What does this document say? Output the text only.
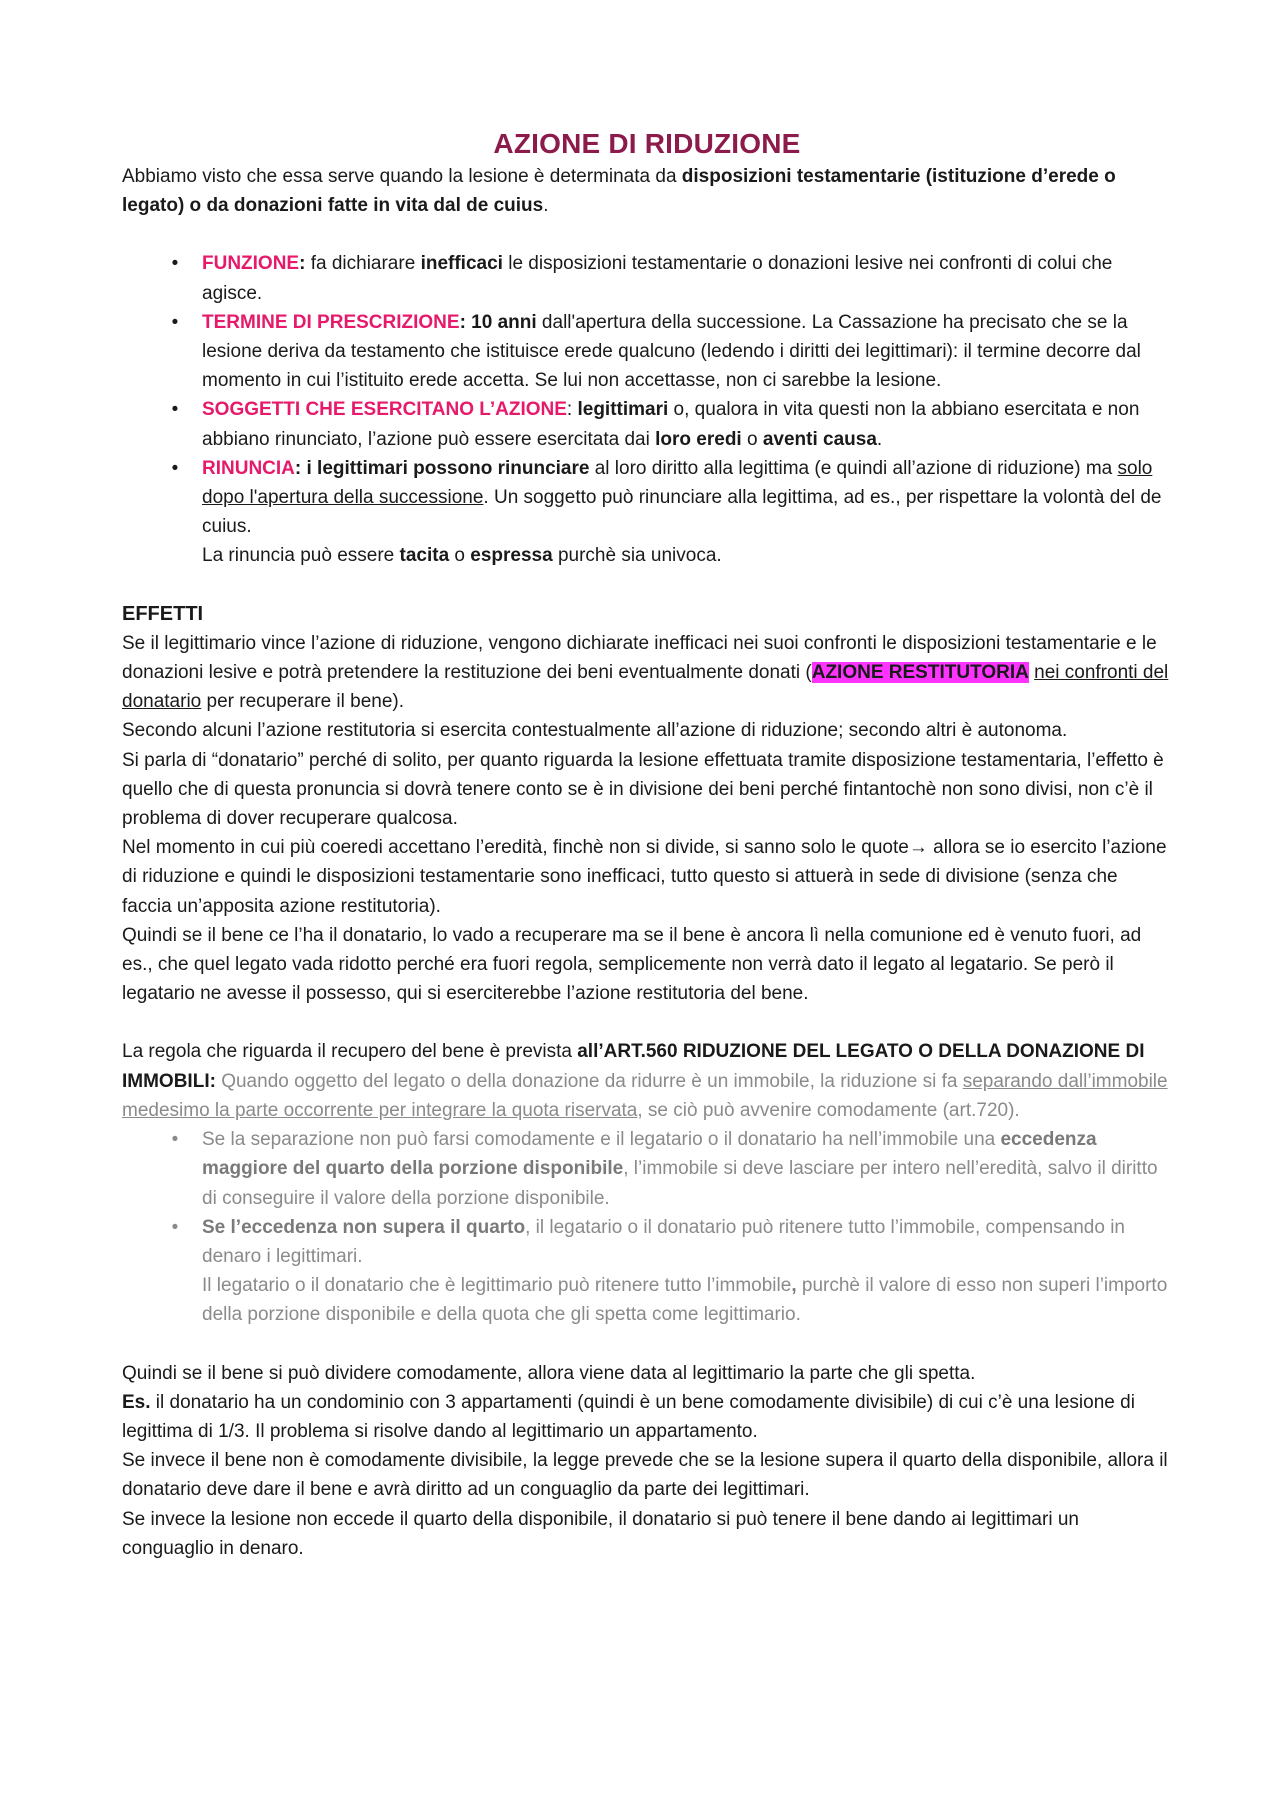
AZIONE DI RIDUZIONE

Abbiamo visto che essa serve quando la lesione è determinata da disposizioni testamentarie (istituzione d’erede o legato) o da donazioni fatte in vita dal de cuius.

•	FUNZIONE: fa dichiarare inefficaci le disposizioni testamentarie o donazioni lesive nei confronti di colui che agisce.
•	TERMINE DI PRESCRIZIONE: 10 anni dall'apertura della successione. La Cassazione ha precisato che se la lesione deriva da testamento che istituisce erede qualcuno (ledendo i diritti dei legittimari): il termine decorre dal momento in cui l’istituito erede accetta. Se lui non accettasse, non ci sarebbe la lesione.
•	SOGGETTI CHE ESERCITANO L’AZIONE: legittimari o, qualora in vita questi non la abbiano esercitata e non abbiano rinunciato, l’azione può essere esercitata dai loro eredi o aventi causa.
•	RINUNCIA: i legittimari possono rinunciare al loro diritto alla legittima (e quindi all’azione di riduzione) ma solo dopo l'apertura della successione. Un soggetto può rinunciare alla legittima, ad es., per rispettare la volontà del de cuius.
La rinuncia può essere tacita o espressa purchè sia univoca.
EFFETTI

Se il legittimario vince l’azione di riduzione, vengono dichiarate inefficaci nei suoi confronti le disposizioni testamentarie e le donazioni lesive e potrà pretendere la restituzione dei beni eventualmente donati (AZIONE RESTITUTORIA nei confronti del donatario per recuperare il bene).

Secondo alcuni l’azione restitutoria si esercita contestualmente all’azione di riduzione; secondo altri è autonoma.

Si parla di “donatario” perché di solito, per quanto riguarda la lesione effettuata tramite disposizione testamentaria, l’effetto è quello che di questa pronuncia si dovrà tenere conto se è in divisione dei beni perché fintantochè non sono divisi, non c’è il problema di dover recuperare qualcosa.

Nel momento in cui più coeredi accettano l’eredità, finchè non si divide, si sanno solo le quote→ allora se io esercito l’azione di riduzione e quindi le disposizioni testamentarie sono inefficaci, tutto questo si attuerà in sede di divisione (senza che faccia un’apposita azione restitutoria).

Quindi se il bene ce l’ha il donatario, lo vado a recuperare ma se il bene è ancora lì nella comunione ed è venuto fuori, ad es., che quel legato vada ridotto perché era fuori regola, semplicemente non verrà dato il legato al legatario. Se però il legatario ne avesse il possesso, qui si eserciterebbe l’azione restitutoria del bene.

La regola che riguarda il recupero del bene è prevista all’ART.560 RIDUZIONE DEL LEGATO O DELLA DONAZIONE DI IMMOBILI: Quando oggetto del legato o della donazione da ridurre è un immobile, la riduzione si fa separando dall’immobile medesimo la parte occorrente per integrare la quota riservata, se ciò può avvenire comodamente (art.720).

•	Se la separazione non può farsi comodamente e il legatario o il donatario ha nell’immobile una eccedenza maggiore del quarto della porzione disponibile, l’immobile si deve lasciare per intero nell’eredità, salvo il diritto di conseguire il valore della porzione disponibile.
•	Se l’eccedenza non supera il quarto, il legatario o il donatario può ritenere tutto l’immobile, compensando in denaro i legittimari.
Il legatario o il donatario che è legittimario può ritenere tutto l’immobile, purchè il valore di esso non superi l’importo della porzione disponibile e della quota che gli spetta come legittimario.

Quindi se il bene si può dividere comodamente, allora viene data al legittimario la parte che gli spetta.

Es. il donatario ha un condominio con 3 appartamenti (quindi è un bene comodamente divisibile) di cui c’è una lesione di legittima di 1/3. Il problema si risolve dando al legittimario un appartamento.

Se invece il bene non è comodamente divisibile, la legge prevede che se la lesione supera il quarto della disponibile, allora il donatario deve dare il bene e avrà diritto ad un conguaglio da parte dei legittimari.

Se invece la lesione non eccede il quarto della disponibile, il donatario si può tenere il bene dando ai legittimari un conguaglio in denaro.
